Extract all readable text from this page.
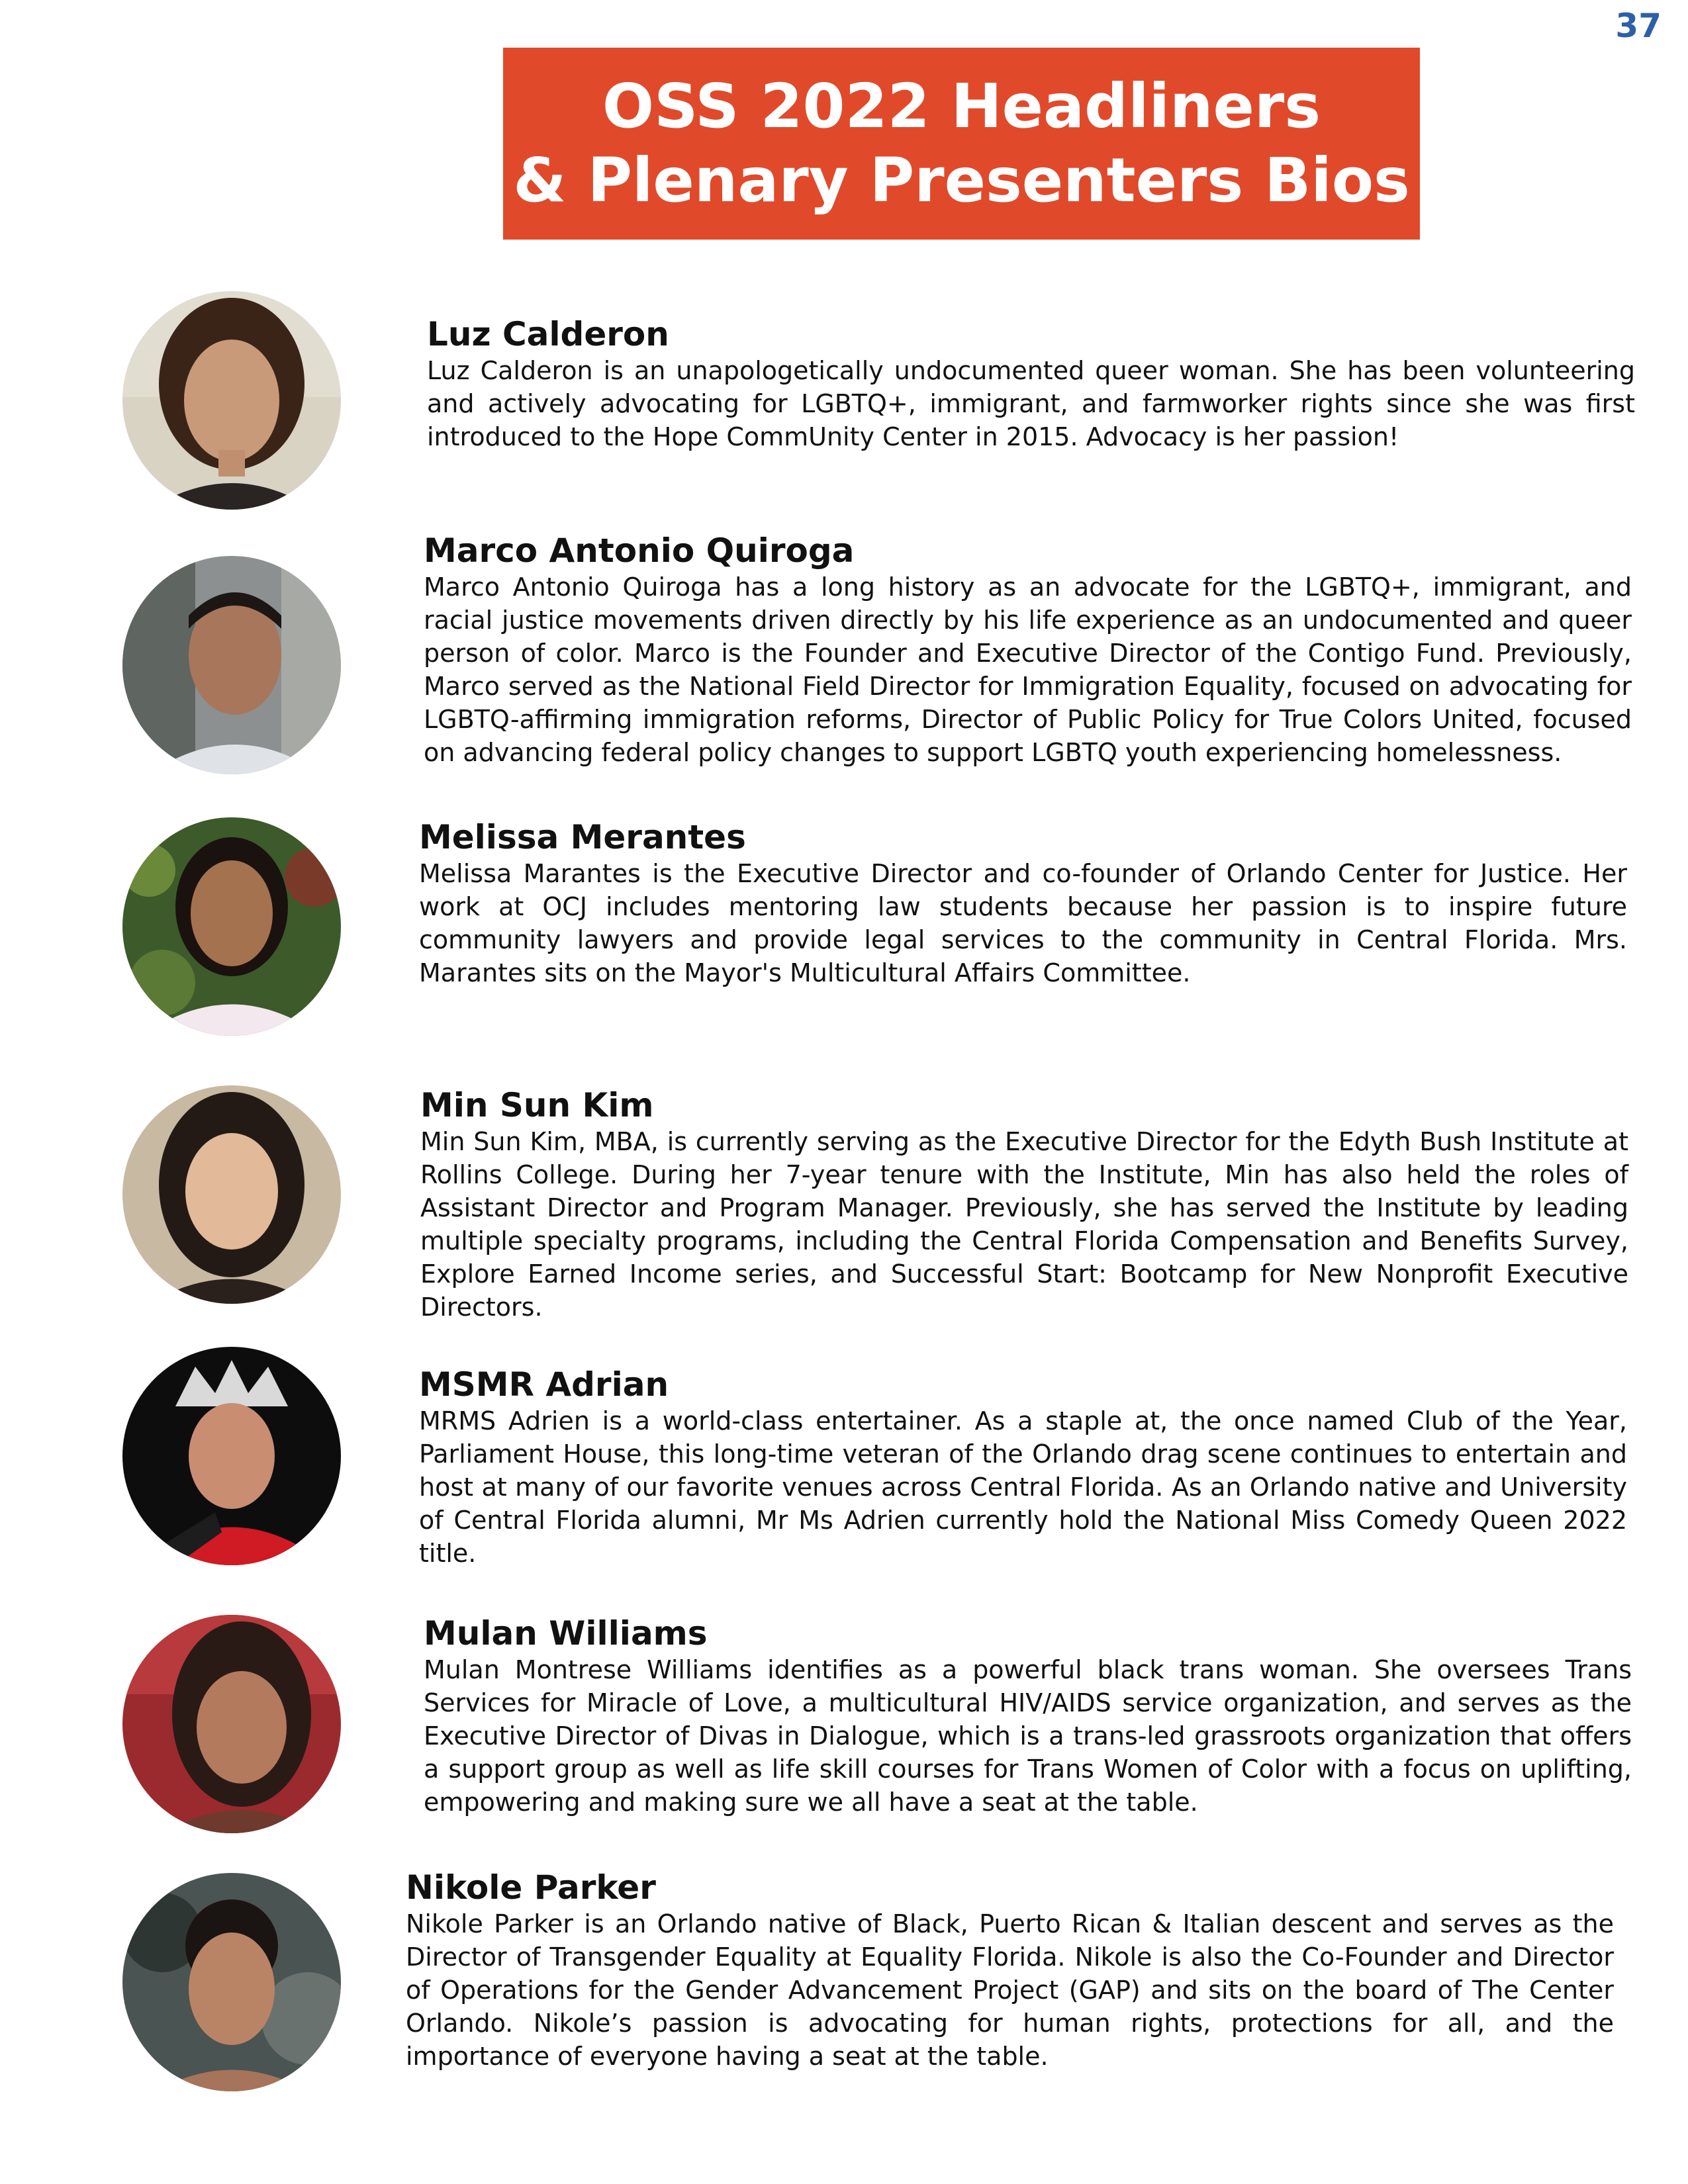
37
OSS 2022 Headliners
& Plenary Presenters Bios
Luz Calderon
Luz Calderon is an unapologetically undocumented queer woman. She has been volunteering and actively advocating for LGBTQ+, immigrant, and farmworker rights since she was first introduced to the Hope CommUnity Center in 2015. Advocacy is her passion!
Marco Antonio Quiroga
Marco Antonio Quiroga has a long history as an advocate for the LGBTQ+, immigrant, and racial justice movements driven directly by his life experience as an undocumented and queer person of color. Marco is the Founder and Executive Director of the Contigo Fund. Previously, Marco served as the National Field Director for Immigration Equality, focused on advocating for LGBTQ-affirming immigration reforms, Director of Public Policy for True Colors United, focused on advancing federal policy changes to support LGBTQ youth experiencing homelessness.
Melissa Merantes
Melissa Marantes is the Executive Director and co-founder of Orlando Center for Justice. Her work at OCJ includes mentoring law students because her passion is to inspire future community lawyers and provide legal services to the community in Central Florida. Mrs. Marantes sits on the Mayor's Multicultural Affairs Committee.
Min Sun Kim
Min Sun Kim, MBA, is currently serving as the Executive Director for the Edyth Bush Institute at Rollins College. During her 7-year tenure with the Institute, Min has also held the roles of Assistant Director and Program Manager. Previously, she has served the Institute by leading multiple specialty programs, including the Central Florida Compensation and Benefits Survey, Explore Earned Income series, and Successful Start: Bootcamp for New Nonprofit Executive Directors.
MSMR Adrian
MRMS Adrien is a world-class entertainer. As a staple at, the once named Club of the Year, Parliament House, this long-time veteran of the Orlando drag scene continues to entertain and host at many of our favorite venues across Central Florida. As an Orlando native and University of Central Florida alumni, Mr Ms Adrien currently hold the National Miss Comedy Queen 2022 title.
Mulan Williams
Mulan Montrese Williams identifies as a powerful black trans woman. She oversees Trans Services for Miracle of Love, a multicultural HIV/AIDS service organization, and serves as the Executive Director of Divas in Dialogue, which is a trans-led grassroots organization that offers a support group as well as life skill courses for Trans Women of Color with a focus on uplifting, empowering and making sure we all have a seat at the table.
Nikole Parker
Nikole Parker is an Orlando native of Black, Puerto Rican & Italian descent and serves as the Director of Transgender Equality at Equality Florida. Nikole is also the Co-Founder and Director of Operations for the Gender Advancement Project (GAP) and sits on the board of The Center Orlando. Nikole’s passion is advocating for human rights, protections for all, and the importance of everyone having a seat at the table.
